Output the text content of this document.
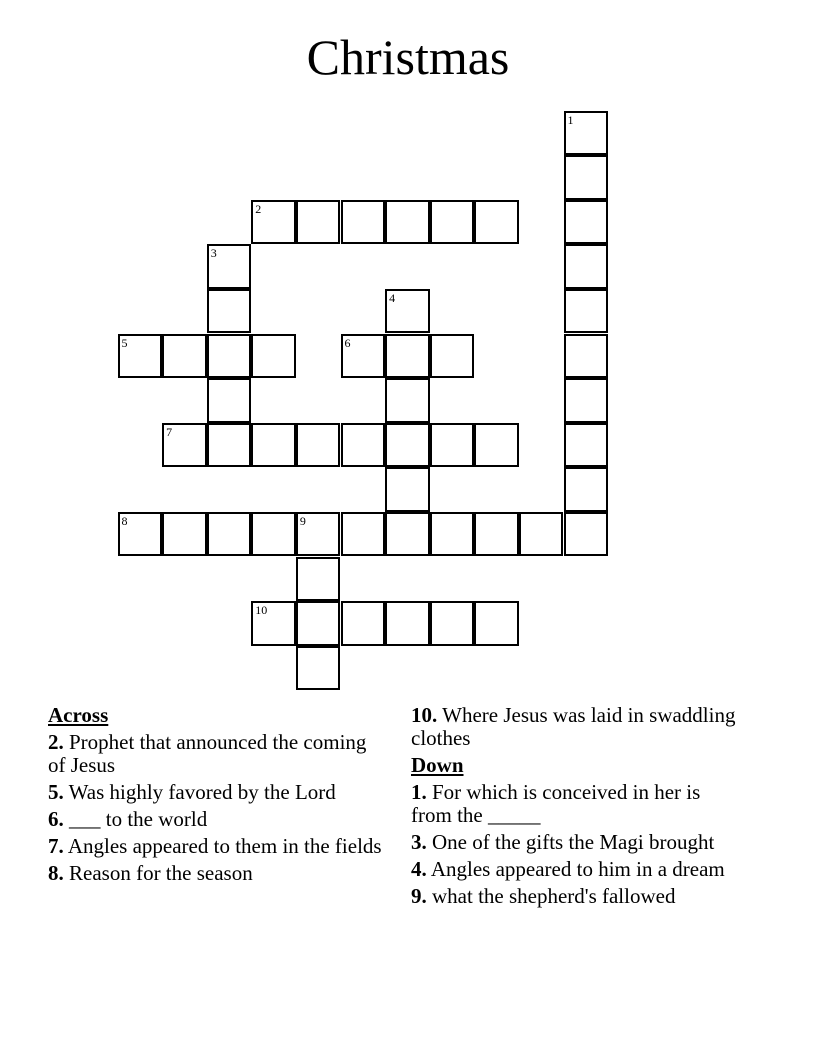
Christmas
1
2
3
4
5	6
7
8	9
10
Across
2. Prophet that announced the coming of Jesus
5. Was highly favored by the Lord
6. ___ to the world
7. Angles appeared to them in the fields
8. Reason for the season
10. Where Jesus was laid in swaddling clothes
Down
1. For which is conceived in her is from the _____
3. One of the gifts the Magi brought
4. Angles appeared to him in a dream
9. what the shepherd's fallowed
